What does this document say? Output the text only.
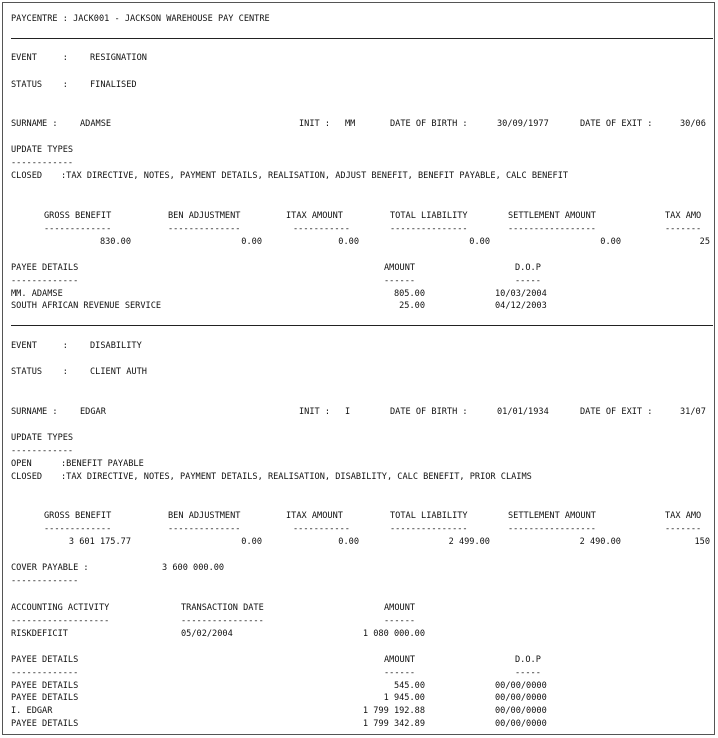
PAYCENTRE : JACK001 - JACKSON WAREHOUSE PAY CENTRE
EVENT     :	RESIGNATION
STATUS    :	FINALISED
SURNAME :	ADAMSE	INIT : MM	DATE OF BIRTH :	30/09/1977	DATE OF EXIT :	30/06
UPDATE TYPES
------------
CLOSED :TAX DIRECTIVE, NOTES, PAYMENT DETAILS, REALISATION, ADJUST BENEFIT, BENEFIT PAYABLE, CALC BENEFIT
GROSS BENEFIT	BEN ADJUSTMENT	ITAX AMOUNT	TOTAL LIABILITY	SETTLEMENT AMOUNT	TAX AMO
-------------	--------------	-----------	---------------	-----------------	-------
830.00	0.00	0.00	0.00	0.00	25
PAYEE DETAILS	AMOUNT	D.O.P
-------------	------	-----
MM. ADAMSE	805.00	10/03/2004
SOUTH AFRICAN REVENUE SERVICE	25.00	04/12/2003
EVENT     :	DISABILITY
STATUS    :	CLIENT AUTH
SURNAME :	EDGAR	INIT : I	DATE OF BIRTH :	01/01/1934	DATE OF EXIT :	31/07
UPDATE TYPES
------------
OPEN	:BENEFIT PAYABLE
CLOSED :TAX DIRECTIVE, NOTES, PAYMENT DETAILS, REALISATION, DISABILITY, CALC BENEFIT, PRIOR CLAIMS
GROSS BENEFIT	BEN ADJUSTMENT	ITAX AMOUNT	TOTAL LIABILITY	SETTLEMENT AMOUNT	TAX AMO
-------------	--------------	-----------	---------------	-----------------	-------
3 601 175.77	0.00	0.00	2 499.00	2 490.00	150
COVER PAYABLE :	3 600 000.00
-------------
ACCOUNTING ACTIVITY	TRANSACTION DATE	AMOUNT
-------------------	----------------	------
RISKDEFICIT	05/02/2004	1 080 000.00
PAYEE DETAILS	AMOUNT	D.O.P
-------------	------	-----
PAYEE DETAILS	545.00	00/00/0000
PAYEE DETAILS	1 945.00	00/00/0000
I. EDGAR	1 799 192.88	00/00/0000
PAYEE DETAILS	1 799 342.89	00/00/0000
